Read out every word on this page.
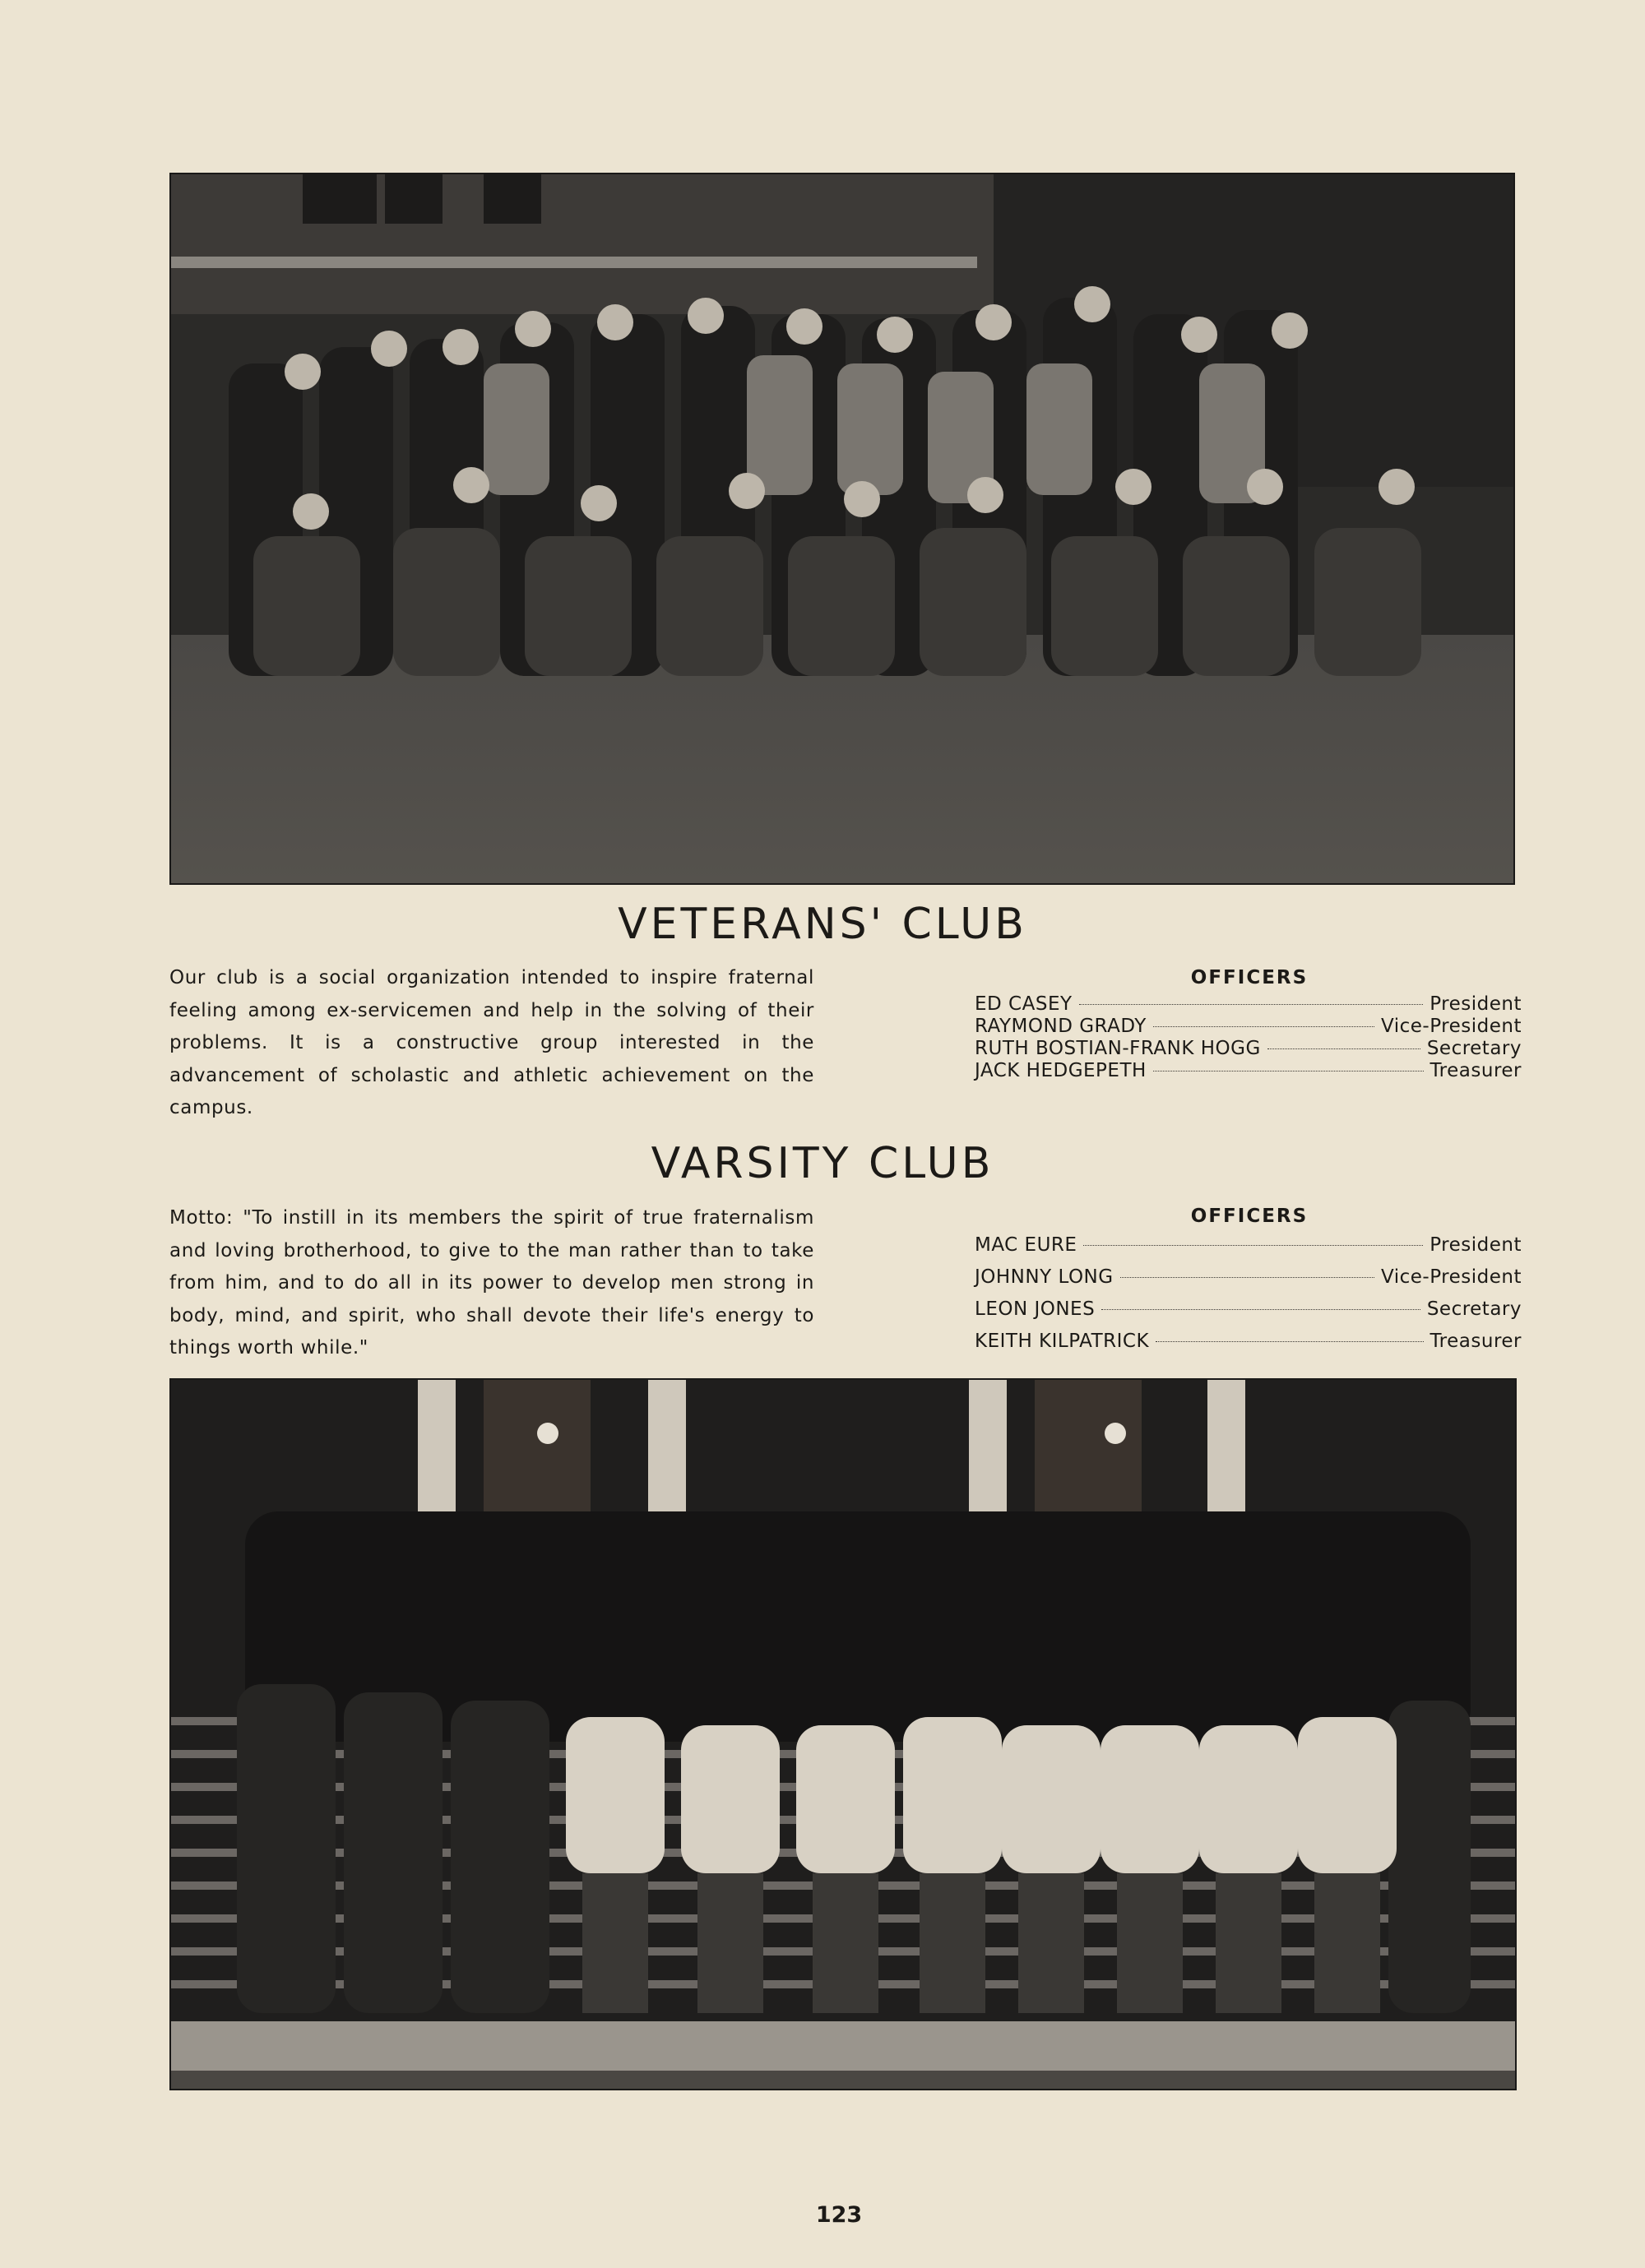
VETERANS' CLUB
Our club is a social organization intended to inspire fraternal feeling among ex-servicemen and help in the solving of their problems. It is a constructive group interested in the advancement of scholastic and athletic achievement on the campus.
OFFICERS
ED CASEY	President
RAYMOND GRADY	Vice-President
RUTH BOSTIAN-FRANK HOGG	Secretary
JACK HEDGEPETH	Treasurer
VARSITY CLUB
Motto: "To instill in its members the spirit of true fraternalism and loving brotherhood, to give to the man rather than to take from him, and to do all in its power to develop men strong in body, mind, and spirit, who shall devote their life's energy to things worth while."
OFFICERS
MAC EURE	President
JOHNNY LONG	Vice-President
LEON JONES	Secretary
KEITH KILPATRICK	Treasurer
123
